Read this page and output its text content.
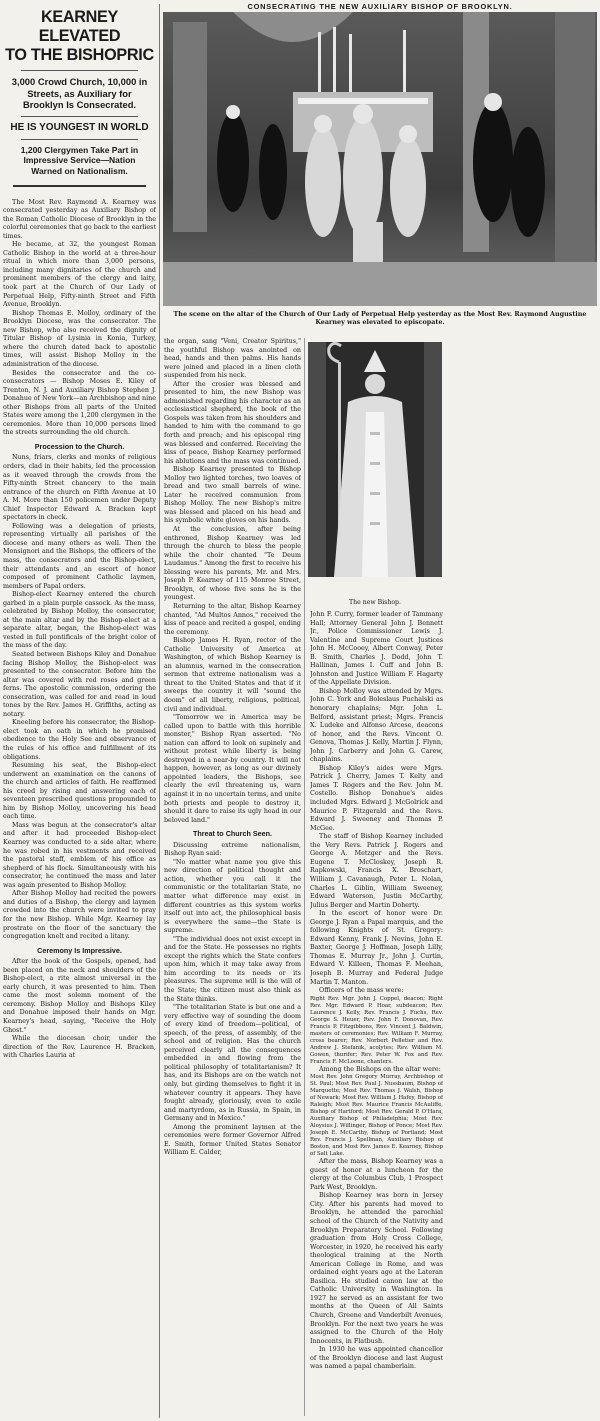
KEARNEY ELEVATED
TO THE BISHOPRIC
3,000 Crowd Church, 10,000 in Streets, as Auxiliary for Brooklyn Is Consecrated.
HE IS YOUNGEST IN WORLD
1,200 Clergymen Take Part in Impressive Service—Nation Warned on Nationalism.

The Most Rev. Raymond A. Kearney was consecrated yesterday as Auxiliary Bishop of the Roman Catholic Diocese of Brooklyn in the colorful ceremonies that go back to the earliest times.

He became, at 32, the youngest Roman Catholic Bishop in the world at a three-hour ritual in which more than 3,000 persons, including many dignitaries of the church and prominent members of the clergy and laity, took part at the Church of Our Lady of Perpetual Help, Fifty-ninth Street and Fifth Avenue, Brooklyn.

Bishop Thomas E. Molloy, ordinary of the Brooklyn Diocese, was the consecrator. The new Bishop, who also received the dignity of Titular Bishop of Lysinia in Konia, Turkey, where the church dated back to apostolic times, will assist Bishop Molloy in the administration of the diocese.

Besides the consecrator and the co-consecrators — Bishop Moses E. Kiley of Trenton, N. J. and Auxiliary Bishop Stephen J. Donahue of New York—an Archbishop and nine other Bishops from all parts of the United States were among the 1,200 clergymen in the ceremonies. More than 10,000 persons lined the streets surrounding the old church.

Procession to the Church.

Nuns, friars, clerks and monks of religious orders, clad in their habits, led the procession as it weaved through the crowds from the Fifty-ninth Street chancery to the main entrance of the church on Fifth Avenue at 10 A. M. More than 150 policemen under Deputy Chief Inspector Edward A. Bracken kept spectators in check.

Following was a delegation of priests, representing virtually all parishes of the diocese and many others as well. Then the Monsignori and the Bishops, the officers of the mass, the consecrators and the Bishop-elect, their attendants and an escort of honor composed of prominent Catholic laymen, members of Papal orders.

Bishop-elect Kearney entered the church garbed in a plain purple cassock. As the mass, celebrated by Bishop Molloy, the consecrator, at the main altar and by the Bishop-elect at a separate altar, began, the Bishop-elect was vested in full pontificals of the bright color of the mass of the day.

Seated between Bishops Kiley and Donahue facing Bishop Molloy, the Bishop-elect was presented to the consecrator. Before him the altar was covered with red roses and green ferns. The apostolic commission, ordering the consecration, was called for and read in loud tones by the Rev. James H. Griffiths, acting as notary.

Kneeling before his consecrator, the Bishop-elect took an oath in which he promised obedience to the Holy See and observance of the rules of his office and fulfillment of its obligations.

Resuming his seat, the Bishop-elect underwent an examination on the canons of the church and articles of faith. He reaffirmed his creed by rising and answering each of seventeen prescribed questions propounded to him by Bishop Molloy, uncovering his head each time.

Mass was begun at the consecrator's altar and after it had proceeded Bishop-elect Kearney was conducted to a side altar, where he was robed in his vestments and received the pastoral staff, emblem of his office as shepherd of his flock. Simultaneously with his consecrator, he continued the mass and later was again presented to Bishop Molloy.

After Bishop Molloy had recited the powers and duties of a Bishop, the clergy and laymen crowded into the church were invited to pray for the new Bishop. While Mgr. Kearney lay prostrate on the floor of the sanctuary the congregation knelt and recited a litany.

Ceremony Is Impressive.

After the book of the Gospels, opened, had been placed on the neck and shoulders of the Bishop-elect, a rite almost universal in the early church, it was presented to him. Then came the most solemn moment of the ceremony. Bishop Molloy and Bishops Kiley and Donahue imposed their hands on Mgr. Kearney's head, saying, "Receive the Holy Ghost."

While the diocesan choir, under the direction of the Rev. Laurence H. Bracken, with Charles Lauria at

CONSECRATING THE NEW AUXILIARY BISHOP OF BROOKLYN.
The scene on the altar of the Church of Our Lady of Perpetual Help yesterday as the Most Rev. Raymond Augustine Kearney was elevated to episcopate.

the organ, sang "Veni, Creator Spiritus," the youthful Bishop was anointed on head, hands and then palms. His hands were joined and placed in a linen cloth suspended from his neck.

After the crosier was blessed and presented to him, the new Bishop was admonished regarding his character as an ecclesiastical shepherd, the book of the Gospels was taken from his shoulders and handed to him with the command to go forth and preach; and his episcopal ring was blessed and conferred. Receiving the kiss of peace, Bishop Kearney performed his ablutions and the mass was continued.

Bishop Kearney presented to Bishop Molloy two lighted torches, two loaves of bread and two small barrels of wine. Later he received communion from Bishop Molloy. The new Bishop's mitre was blessed and placed on his head and his symbolic white gloves on his hands.

At the conclusion, after being enthroned, Bishop Kearney was led through the church to bless the people while the choir chanted "Te Deum Laudamus." Among the first to receive his blessing were his parents, Mr. and Mrs. Joseph P. Kearney of 115 Monroe Street, Brooklyn, of whose five sons he is the youngest.

Returning to the altar, Bishop Kearney chanted, "Ad Multos Annos," received the kiss of peace and recited a gospel, ending the ceremony.

Bishop James H. Ryan, rector of the Catholic University of America at Washington, of which Bishop Kearney is an alumnus, warned in the consecration sermon that extreme nationalism was a threat to the United States and that if it sweeps the country it will "sound the doom" of all liberty, religious, political, civil and individual.

"Tomorrow we in America may be called upon to battle with this horrible monster," Bishop Ryan asserted. "No nation can afford to look on supinely and without protest while liberty is being destroyed in a near-by country. It will not happen, however, as long as our divinely appointed leaders, the Bishops, see clearly the evil threatening us, warn against it in no uncertain terms, and unite both priests and people to destroy it, should it dare to raise its ugly head in our beloved land."

Threat to Church Seen.

Discussing extreme nationalism, Bishop Ryan said:

"No matter what name you give this new direction of political thought and action, whether you call it the communistic or the totalitarian State, no matter what difference may exist in different countries as this system works itself out into act, the philosophical basis is everywhere the same—the State is supreme.

"The individual does not exist except in and for the State. He possesses no rights except the rights which the State confers upon him, which it may take away from him according to its needs or its pleasures. The supreme will is the will of the State; the citizen must also think as the State thinks.

"The totalitarian State is but one and a very effective way of sounding the doom of every kind of freedom—political, of speech, of the press, of assembly, of the school and of religion. Has the church perceived clearly all the consequences embedded in and flowing from the political philosophy of totalitarianism? It has, and its Bishops are on the watch not only, but girding themselves to fight it in whatever country it appears. They have fought already, gloriously, even to exile and martyrdom, as in Russia, in Spain, in Germany and in Mexico."

Among the prominent laymen at the ceremonies were former Governor Alfred E. Smith, former United States Senator William E. Calder,

The new Bishop.

John F. Curry, former leader of Tammany Hall; Attorney General John J. Bennett Jr., Police Commissioner Lewis J. Valentine and Supreme Court Justices John H. McCooey, Albert Conway, Peter B. Smith, Charles J. Dodd, John T. Hallinan, James I. Cuff and John B. Johnston and Justice William F. Hagarty of the Appellate Division.

Bishop Molloy was attended by Mgrs. John C. York and Boleslaus Puchalski as honorary chaplains; Mgr. John L. Belford, assistant priest; Mgrs. Francis X. Ludeke and Alfonso Arcese, deacons of honor, and the Revs. Vincent O. Genova, Thomas J. Kelly, Martin J. Flynn, John J. Carberry and John G. Carew, chaplains.

Bishop Kiley's aides were Mgrs. Patrick J. Cherry, James T. Kelty and James T. Rogers and the Rev. John M. Costello. Bishop Donahue's aides included Mgrs. Edward J. McGolrick and Maurice P. Fitzgerald and the Revs. Edward J. Sweeney and Thomas P. McGee.

The staff of Bishop Kearney included the Very Revs. Patrick J. Rogers and George A. Metzger and the Revs. Eugene T. McCloskey, Joseph R. Rapkowski, Francis X. Broschart, William J. Cavanaugh, Peter L. Nolan, Charles L. Giblin, William Sweeney, Edward Waterson, Justin McCarthy, Julius Berger and Martin Doherty.

In the escort of honor were Dr. George J. Ryan a Papal marquis, and the following Knights of St. Gregory: Edward Kenny, Frank J. Nevins, John E. Baxter, George J. Hoffman, Joseph Lilly, Thomas E. Murray Jr., John J. Curtin, Edward V. Killeen, Thomas F. Meehan, Joseph B. Murray and Federal Judge Martin T. Manton.

Officers of the mass were:

Right Rev. Mgr. John J. Coppel, deacon; Right Rev. Mgr. Edward P. Hoar, subdeacon; Rev. Laurence J. Kelly, Rev. Francis J. Fuchs, Rev. George S. Heuer, Rev. John F. Donovan, Rev. Francis P. Fitzgibbons, Rev. Vincent J. Baldwin, masters of ceremonies; Rev. William F. Murray, cross bearer; Rev. Norbert Pelletier and Rev. Andrew J. Stefanik, acolytes; Rev. William M. Gowen, thurifer; Rev. Peter W. Fox and Rev. Francis F. McLoone, chanters.

Among the Bishops on the altar were:

Most Rev. John Gregory Murray, Archbishop of St. Paul; Most Rev. Paul J. Nussbaum, Bishop of Marquette; Most Rev. Thomas J. Walsh, Bishop of Newark; Most Rev. William J. Hafey, Bishop of Raleigh; Most Rev. Maurice Francis McAuliffe, Bishop of Hartford; Most Rev. Gerald P. O'Hara, Auxiliary Bishop of Philadelphia; Most Rev. Aloysius J. Willinger, Bishop of Ponce; Most Rev. Joseph E. McCarthy, Bishop of Portland; Most Rev. Francis J. Spellman, Auxiliary Bishop of Boston, and Most Rev. James E. Kearney, Bishop of Salt Lake.

After the mass, Bishop Kearney was a guest of honor at a luncheon for the clergy at the Columbus Club, 1 Prospect Park West, Brooklyn.

Bishop Kearney was born in Jersey City. After his parents had moved to Brooklyn, he attended the parochial school of the Church of the Nativity and Brooklyn Preparatory School. Following graduation from Holy Cross College, Worcester, in 1920, he received his early theological training at the North American College in Rome, and was ordained eight years ago at the Lateran Basilica. He studied canon law at the Catholic University in Washington. In 1927 he served as an assistant for two months at the Queen of All Saints Church, Greene and Vanderbilt Avenues, Brooklyn. For the next two years he was assigned to the Church of the Holy Innocents, in Flatbush.

In 1930 he was appointed chancellor of the Brooklyn diocese and last August was named a papal chamberlain.
